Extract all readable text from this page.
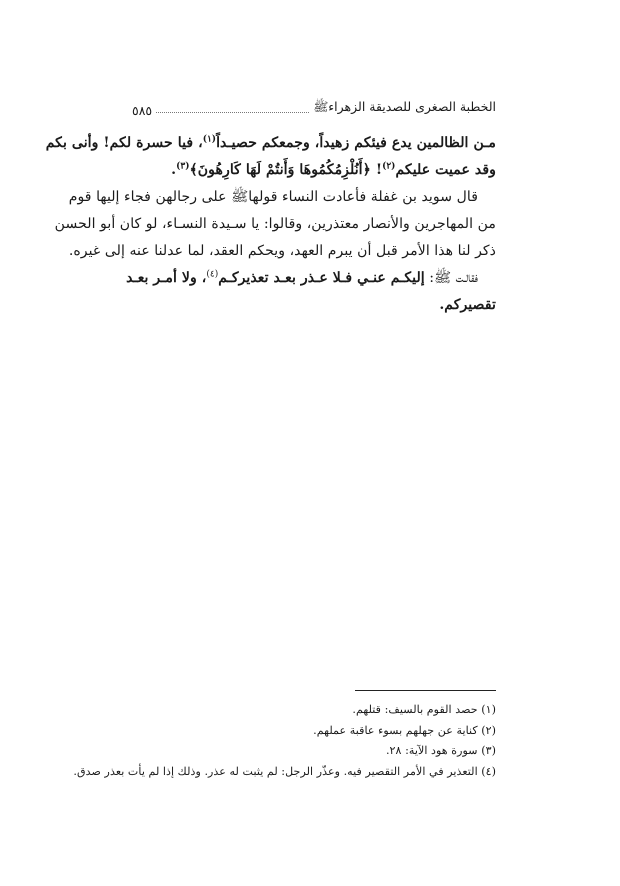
الخطبة الصغرى للصديقة الزهراءﷺ
٥٨٥
مـن الظالمين يدع فيئكم زهيداً، وجمعكم حصيـداً$^{(١)}$، فيا حسرة لكم! وأنى بكم
وقد عميت عليكم$^{(٢)}$! ﴿أَنُلْزِمُكُمُوهَا وَأَنتُمْ لَهَا كَارِهُونَ﴾$^{(٣)}$.
قال سويد بن غفلة فأعادت النساء قولهاﷺ على رجالهن فجاء إليها قوم
من المهاجرين والأنصار معتذرين، وقالوا: يا سـيدة النسـاء، لو كان أبو الحسن
ذكر لنا هذا الأمر قبل أن يبرم العهد، ويحكم العقد، لما عدلنا عنه إلى غيره.
فقالـت ﷺ: إليكـم عنـي فـلا عـذر بعـد تعذيركـم$^{(٤)}$، ولا أمـر بعـد
تقصيركم.
(١) حصد القوم بالسيف: قتلهم.
(٢) كناية عن جهلهم بسوء عاقبة عملهم.
(٣) سورة هود الآية: ٢٨.
(٤) التعذير في الأمر التقصير فيه. وعذّر الرجل: لم يثبت له عذر. وذلك إذا لم يأت بعذر صدق.
